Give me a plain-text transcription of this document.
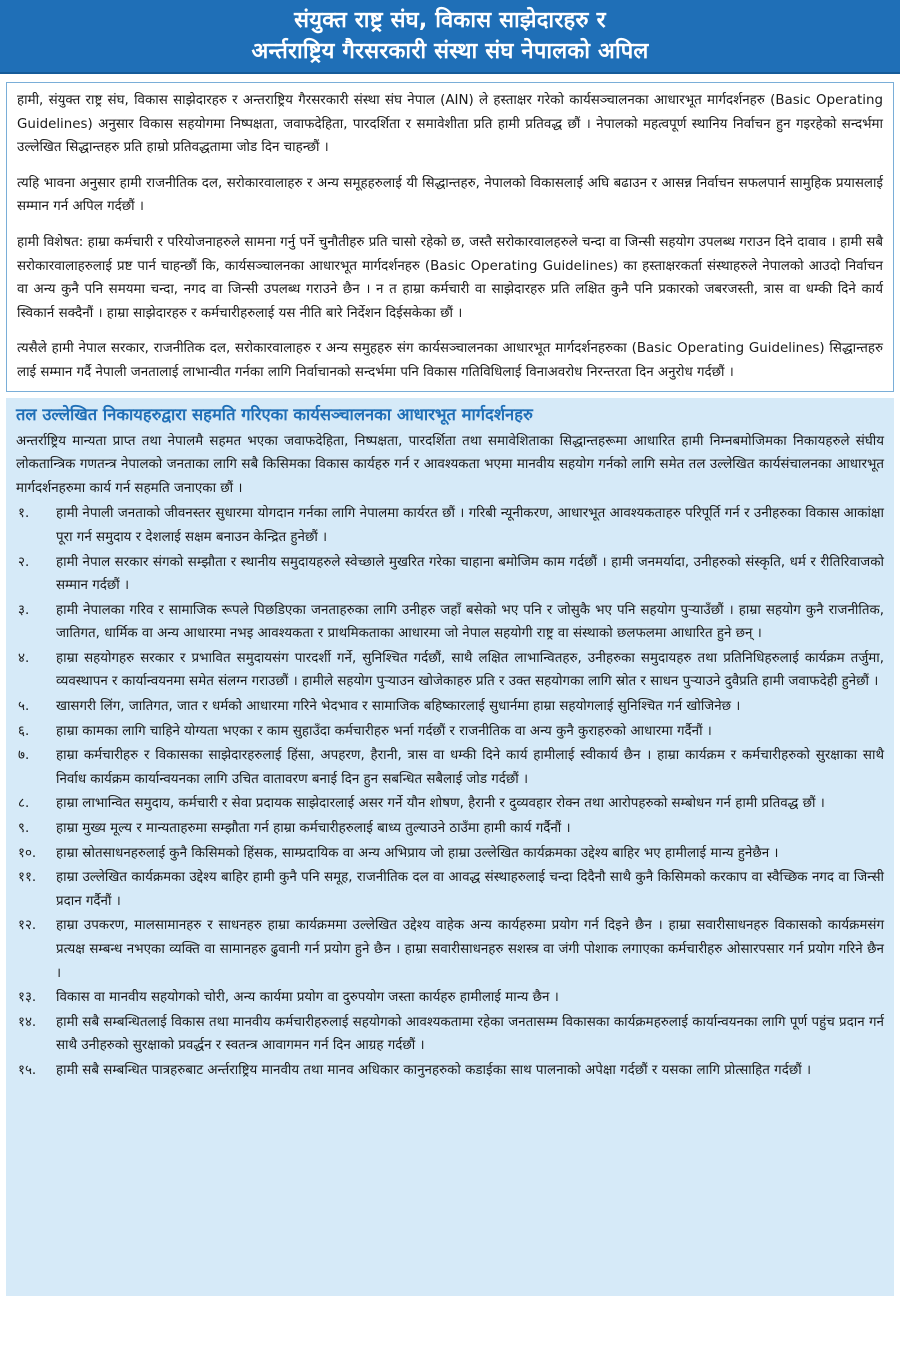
संयुक्त राष्ट्र संघ, विकास साझेदारहरु र
अर्न्तराष्ट्रिय गैरसरकारी संस्था संघ नेपालको अपिल

हामी, संयुक्त राष्ट्र संघ, विकास साझेदारहरु र अन्तराष्ट्रिय गैरसरकारी संस्था संघ नेपाल (AIN) ले हस्ताक्षर गरेको कार्यसञ्चालनका आधारभूत मार्गदर्शनहरु (Basic Operating Guidelines) अनुसार विकास सहयोगमा निष्पक्षता, जवाफदेहिता, पारदर्शिता र समावेशीता प्रति हामी प्रतिवद्ध छौं । नेपालको महत्वपूर्ण स्थानिय निर्वाचन हुन गइरहेको सन्दर्भमा उल्लेखित सिद्धान्तहरु प्रति हाम्रो प्रतिवद्धतामा जोड दिन चाहन्छौं ।

त्यहि भावना अनुसार हामी राजनीतिक दल, सरोकारवालाहरु र अन्य समूहहरुलाई यी सिद्धान्तहरु, नेपालको विकासलाई अघि बढाउन र आसन्न निर्वाचन सफलपार्न सामुहिक प्रयासलाई सम्मान गर्न अपिल गर्दछौं ।

हामी विशेषत: हाम्रा कर्मचारी र परियोजनाहरुले सामना गर्नु पर्ने चुनौतीहरु प्रति चासो रहेको छ, जस्तै सरोकारवालहरुले चन्दा वा जिन्सी सहयोग उपलब्ध गराउन दिने दावाव । हामी सबै सरोकारवालाहरुलाई प्रष्ट पार्न चाहन्छौं कि, कार्यसञ्चालनका आधारभूत मार्गदर्शनहरु (Basic Operating Guidelines) का हस्ताक्षरकर्ता संस्थाहरुले नेपालको आउदो निर्वाचन वा अन्य कुनै पनि समयमा चन्दा, नगद वा जिन्सी उपलब्ध गराउने छैन । न त हाम्रा कर्मचारी वा साझेदारहरु प्रति लक्षित कुनै पनि प्रकारको जबरजस्ती, त्रास वा धम्की दिने कार्य स्विकार्न सक्दैनौं । हाम्रा साझेदारहरु र कर्मचारीहरुलाई यस नीति बारे निर्देशन दिईसकेका छौं ।

त्यसैले हामी नेपाल सरकार, राजनीतिक दल, सरोकारवालाहरु र अन्य समुहहरु संग कार्यसञ्चालनका आधारभूत मार्गदर्शनहरुका (Basic Operating Guidelines) सिद्धान्तहरु लाई सम्मान गर्दै नेपाली जनतालाई लाभान्वीत गर्नका लागि निर्वाचानको सन्दर्भमा पनि विकास गतिविधिलाई विनाअवरोध निरन्तरता दिन अनुरोध गर्दछौं ।

तल उल्लेखित निकायहरुद्वारा सहमति गरिएका कार्यसञ्चालनका आधारभूत मार्गदर्शनहरु

अन्तर्राष्ट्रिय मान्यता प्राप्त तथा नेपालमै सहमत भएका जवाफदेहिता, निष्पक्षता, पारदर्शिता तथा समावेशिताका सिद्धान्तहरूमा आधारित हामी निम्नबमोजिमका निकायहरुले संघीय लोकतान्त्रिक गणतन्त्र नेपालको जनताका लागि सबै किसिमका विकास कार्यहरु गर्न र आवश्यकता भएमा मानवीय सहयोग गर्नको लागि समेत तल उल्लेखित कार्यसंचालनका आधारभूत मार्गदर्शनहरुमा कार्य गर्न सहमति जनाएका छौं ।

१.	हामी नेपाली जनताको जीवनस्तर सुधारमा योगदान गर्नका लागि नेपालमा कार्यरत छौं । गरिबी न्यूनीकरण, आधारभूत आवश्यकताहरु परिपूर्ति गर्न र उनीहरुका विकास आकांक्षा पूरा गर्न समुदाय र देशलाई सक्षम बनाउन केन्द्रित हुनेछौं ।
२.	हामी नेपाल सरकार संगको सम्झौता र स्थानीय समुदायहरुले स्वेच्छाले मुखरित गरेका चाहाना बमोजिम काम गर्दछौं । हामी जनमर्यादा, उनीहरुको संस्कृति, धर्म र रीतिरिवाजको सम्मान गर्दछौं ।
३.	हामी नेपालका गरिव र सामाजिक रूपले पिछडिएका जनताहरुका लागि उनीहरु जहाँ बसेको भए पनि र जोसुकै भए पनि सहयोग पुऱ्याउँछौं । हाम्रा सहयोग कुनै राजनीतिक, जातिगत, धार्मिक वा अन्य आधारमा नभइ आवश्यकता र प्राथमिकताका आधारमा जो नेपाल सहयोगी राष्ट्र वा संस्थाको छलफलमा आधारित हुने छन् ।
४.	हाम्रा सहयोगहरु सरकार र प्रभावित समुदायसंग पारदर्शी गर्ने, सुनिश्चित गर्दछौं, साथै लक्षित लाभान्वितहरु, उनीहरुका समुदायहरु तथा प्रतिनिधिहरुलाई कार्यक्रम तर्जुमा, व्यवस्थापन र कार्यान्वयनमा समेत संलग्न गराउछौं । हामीले सहयोग पुऱ्याउन खोजेकाहरु प्रति र उक्त सहयोगका लागि स्रोत र साधन पुऱ्याउने दुवैप्रति हामी जवाफदेही हुनेछौं ।
५.	खासगरी लिंग, जातिगत, जात र धर्मको आधारमा गरिने भेदभाव र सामाजिक बहिष्कारलाई सुधार्नमा हाम्रा सहयोगलाई सुनिश्चित गर्न खोजिनेछ ।
६.	हाम्रा कामका लागि चाहिने योग्यता भएका र काम सुहाउँदा कर्मचारीहरु भर्ना गर्दछौं र राजनीतिक वा अन्य कुनै कुराहरुको आधारमा गर्दैनौं ।
७.	हाम्रा कर्मचारीहरु र विकासका साझेदारहरुलाई हिंसा, अपहरण, हैरानी, त्रास वा धम्की दिने कार्य हामीलाई स्वीकार्य छैन । हाम्रा कार्यक्रम र कर्मचारीहरुको सुरक्षाका साथै निर्वाध कार्यक्रम कार्यान्वयनका लागि उचित वातावरण बनाई दिन हुन सबन्धित सबैलाई जोड गर्दछौं ।
८.	हाम्रा लाभान्वित समुदाय, कर्मचारी र सेवा प्रदायक साझेदारलाई असर गर्ने यौन शोषण, हैरानी र दुव्यवहार रोक्न तथा आरोपहरुको सम्बोधन गर्न हामी प्रतिवद्ध छौं ।
९.	हाम्रा मुख्य मूल्य र मान्यताहरुमा सम्झौता गर्न हाम्रा कर्मचारीहरुलाई बाध्य तुल्याउने ठाउँमा हामी कार्य गर्दैनौं ।
१०.	हाम्रा स्रोतसाधनहरुलाई कुनै किसिमको हिंसक, साम्प्रदायिक वा अन्य अभिप्राय जो हाम्रा उल्लेखित कार्यक्रमका उद्देश्य बाहिर भए हामीलाई मान्य हुनेछैन ।
११.	हाम्रा उल्लेखित कार्यक्रमका उद्देश्य बाहिर हामी कुनै पनि समूह, राजनीतिक दल वा आवद्ध संस्थाहरुलाई चन्दा दिदैनौ साथै कुनै किसिमको करकाप वा स्वैच्छिक नगद वा जिन्सी प्रदान गर्दैनौं ।
१२.	हाम्रा उपकरण, मालसामानहरु र साधनहरु हाम्रा कार्यक्रममा उल्लेखित उद्देश्य वाहेक अन्य कार्यहरुमा प्रयोग गर्न दिइने छैन । हाम्रा सवारीसाधनहरु विकासको कार्यक्रमसंग प्रत्यक्ष सम्बन्ध नभएका व्यक्ति वा सामानहरु ढुवानी गर्न प्रयोग हुने छैन । हाम्रा सवारीसाधनहरु सशस्त्र वा जंगी पोशाक लगाएका कर्मचारीहरु ओसारपसार गर्न प्रयोग गरिने छैन ।
१३.	विकास वा मानवीय सहयोगको चोरी, अन्य कार्यमा प्रयोग वा दुरुपयोग जस्ता कार्यहरु हामीलाई मान्य छैन ।
१४.	हामी सबै सम्बन्धितलाई विकास तथा मानवीय कर्मचारीहरुलाई सहयोगको आवश्यकतामा रहेका जनतासम्म विकासका कार्यक्रमहरुलाई कार्यान्वयनका लागि पूर्ण पहुंच प्रदान गर्न साथै उनीहरुको सुरक्षाको प्रवर्द्धन र स्वतन्त्र आवागमन गर्न दिन आग्रह गर्दछौं ।
१५.	हामी सबै सम्बन्धित पात्रहरुबाट अर्न्तराष्ट्रिय मानवीय तथा मानव अधिकार कानुनहरुको कडाईका साथ पालनाको अपेक्षा गर्दछौं र यसका लागि प्रोत्साहित गर्दछौं ।
